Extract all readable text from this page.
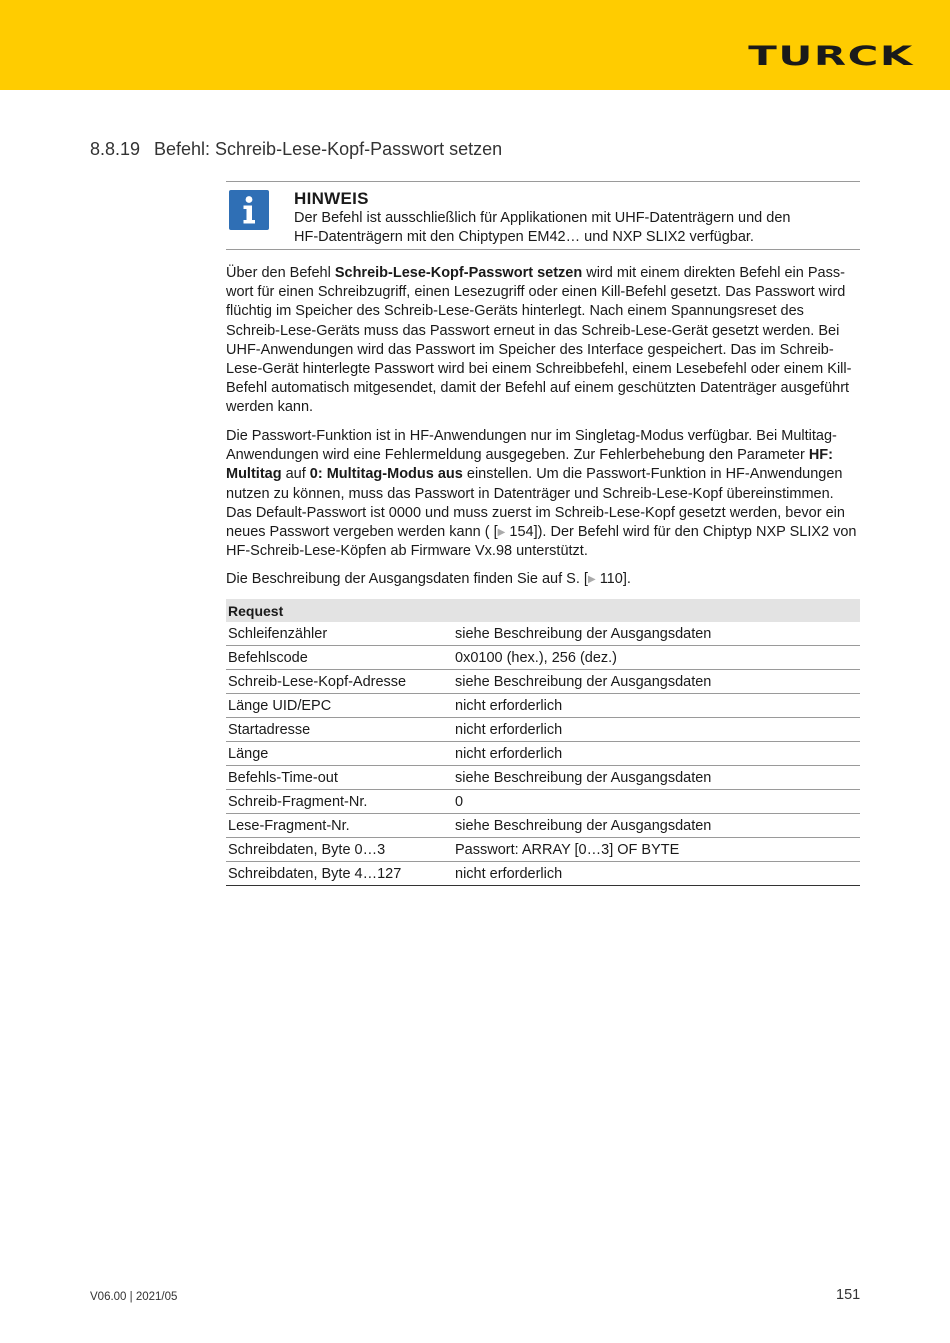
TURCK
8.8.19 Befehl: Schreib-Lese-Kopf-Passwort setzen
HINWEIS
Der Befehl ist ausschließlich für Applikationen mit UHF-Datenträgern und den
HF-Datenträgern mit den Chiptypen EM42… und NXP SLIX2 verfügbar.

Über den Befehl Schreib-Lese-Kopf-Passwort setzen wird mit einem direkten Befehl ein Passwort für einen Schreibzugriff, einen Lesezugriff oder einen Kill-Befehl gesetzt. Das Passwort wird flüchtig im Speicher des Schreib-Lese-Geräts hinterlegt. Nach einem Spannungsreset des Schreib-Lese-Geräts muss das Passwort erneut in das Schreib-Lese-Gerät gesetzt werden. Bei UHF-Anwendungen wird das Passwort im Speicher des Interface gespeichert. Das im Schreib-Lese-Gerät hinterlegte Passwort wird bei einem Schreibbefehl, einem Lesebefehl oder einem Kill-Befehl automatisch mitgesendet, damit der Befehl auf einem geschützten Datenträger ausgeführt werden kann.

Die Passwort-Funktion ist in HF-Anwendungen nur im Singletag-Modus verfügbar. Bei Multitag-Anwendungen wird eine Fehlermeldung ausgegeben. Zur Fehlerbehebung den Parameter HF: Multitag auf 0: Multitag-Modus aus einstellen. Um die Passwort-Funktion in HF-Anwendungen nutzen zu können, muss das Passwort in Datenträger und Schreib-Lese-Kopf übereinstimmen. Das Default-Passwort ist 0000 und muss zuerst im Schreib-Lese-Kopf gesetzt werden, bevor ein neues Passwort vergeben werden kann ( [▶ 154]). Der Befehl wird für den Chiptyp NXP SLIX2 von HF-Schreib-Lese-Köpfen ab Firmware Vx.98 unterstützt.

Die Beschreibung der Ausgangsdaten finden Sie auf S. [▶ 110].

Request	
Schleifenzähler	siehe Beschreibung der Ausgangsdaten
Befehlscode	0x0100 (hex.), 256 (dez.)
Schreib-Lese-Kopf-Adresse	siehe Beschreibung der Ausgangsdaten
Länge UID/EPC	nicht erforderlich
Startadresse	nicht erforderlich
Länge	nicht erforderlich
Befehls-Time-out	siehe Beschreibung der Ausgangsdaten
Schreib-Fragment-Nr.	0
Lese-Fragment-Nr.	siehe Beschreibung der Ausgangsdaten
Schreibdaten, Byte 0…3	Passwort: ARRAY [0…3] OF BYTE
Schreibdaten, Byte 4…127	nicht erforderlich
V06.00 | 2021/05	151
